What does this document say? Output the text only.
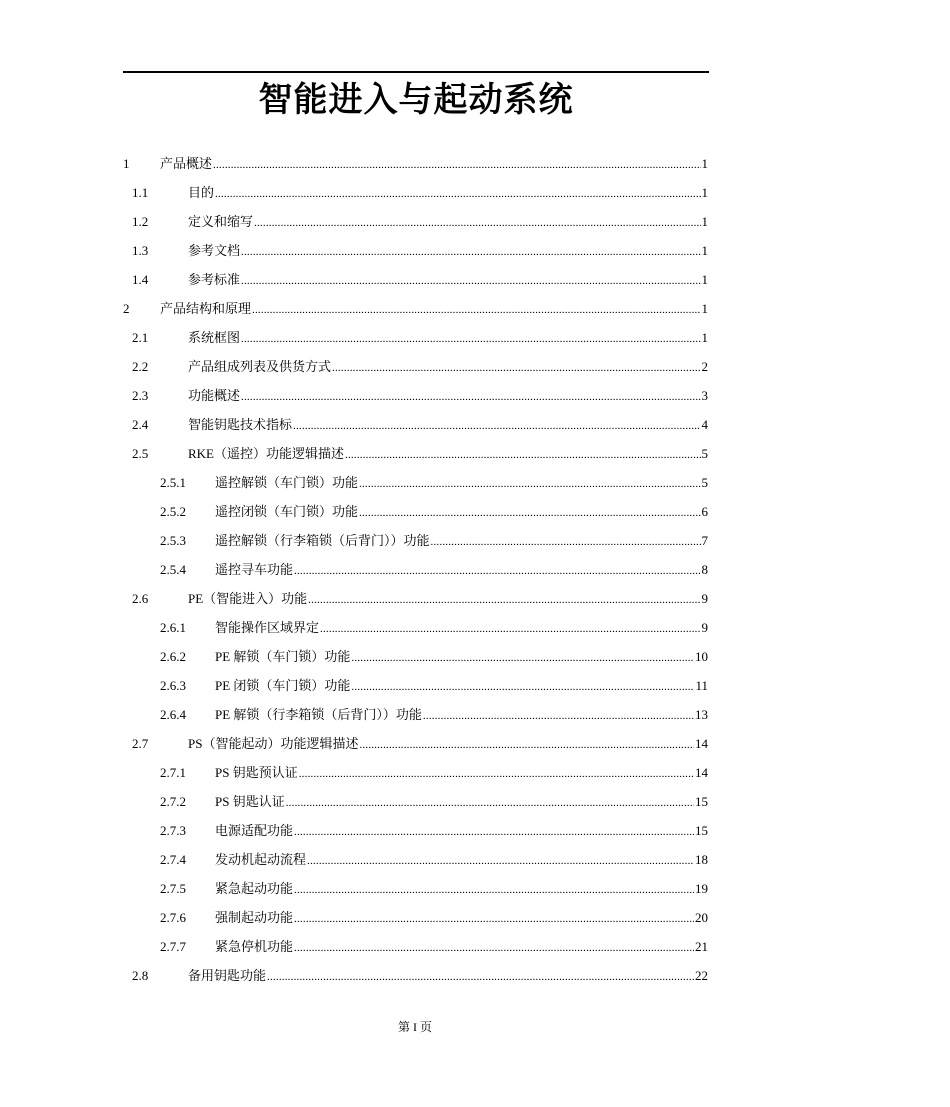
智能进入与起动系统
1 产品概述 .....	1
1.1	目的 .....	1
1.2	定义和缩写 .....	1
1.3	参考文档 .....	1
1.4	参考标准 .....	1
2 产品结构和原理 .....	1
2.1	系统框图 .....	1
2.2	产品组成列表及供货方式 .....	2
2.3	功能概述 .....	3
2.4	智能钥匙技术指标 .....	4
2.5	RKE（遥控）功能逻辑描述 .....	5
2.5.1 遥控解锁（车门锁）功能 .....	5
2.5.2 遥控闭锁（车门锁）功能 .....	6
2.5.3 遥控解锁（行李箱锁（后背门））功能 .....	7
2.5.4 遥控寻车功能 .....	8
2.6	PE（智能进入）功能 .....	9
2.6.1 智能操作区域界定 .....	9
2.6.2 PE 解锁（车门锁）功能 .....	10
2.6.3 PE 闭锁（车门锁）功能 .....	11
2.6.4 PE 解锁（行李箱锁（后背门））功能 .....	13
2.7	PS（智能起动）功能逻辑描述 .....	14
2.7.1 PS 钥匙预认证 .....	14
2.7.2 PS 钥匙认证 .....	15
2.7.3 电源适配功能 .....	15
2.7.4 发动机起动流程 .....	18
2.7.5 紧急起动功能 .....	19
2.7.6 强制起动功能 .....	20
2.7.7 紧急停机功能 .....	21
2.8	备用钥匙功能 .....	22
第 I 页
